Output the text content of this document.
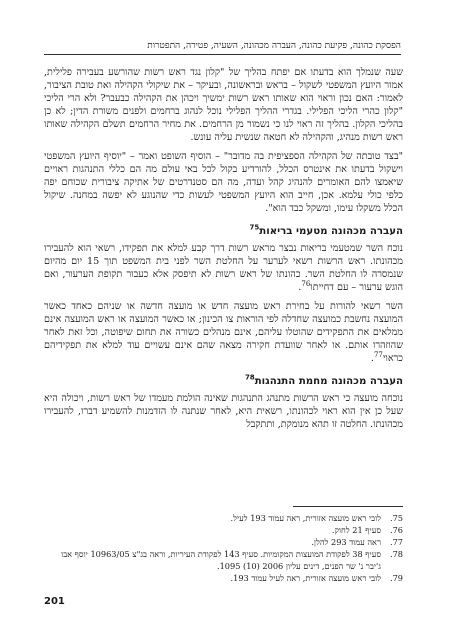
הפסקת כהונה, פקיעת כהונה, העברה מכהונה, השעיה, פטירה, התפטרות

שעה שנמלך הוא בדעתו אם יפתח בהליך של "קלון נגד ראש רשות שהורשע בעבירה פלילית, אמור היועץ המשפטי לשקול – בראש ובראשונה, ובעיקר – את שיקולי הקהילה ואת טובת הציבור, לאמור: האם נכון וראוי הוא שאותו ראש רשות ימשיך ויכהן את הקהילה כבעבר? ולא הרי הליכי "קלון כהרי הליכי הפלילי. בגדרי ההליך הפלילי נוכל לנהוג ברחמים ולפנים משורת הדין; לא כן בהליכי הקלון. בהליך זה ראוי לנו כי נשמור מן הרחמים. את מחיר הרחמים תשלם הקהילה שאותו ראש רשות מנהיג, והקהילה לא חטאה שנשית עליה עונש.

"בצד טובתה של הקהילה הספציפית בה מדובר" – הוסיף השופט ואמר – "יוסיף היועץ המשפטי וישקול בדעתו את אינטרס הכלל, להורדיע בקול לכל באי עולם מה הם כללי התנהגות ראויים שיאמצו להם האומרים להנהיג קהל ועדה, מה הם סטנדרטים של אתיקה ציבורית שכוחם יפה כלפי כולי עלמא. אכן, חייב הוא היועץ המשפטי לעשות כדי שהנוגע לא יפשה במחנה. שיקול הכלל משקלו עימו, ומשקל כבד הוא".

העברה מכהונה מטעמי בריאות$^{75}$

נוכח השר שמטעמי בריאות נבצר מראש רשות דרך קבע למלא את תפקידו, רשאי הוא להעבירו מכהונתו. ראש הרשות רשאי לערער על החלטת השר לפני בית המשפט תוך 15 יום מהיום שנמסרה לו החלטת השר. כהונתו של ראש רשות לא תיפסק אלא כעבור תקופת הערעור, ואם הוגש ערעור – עם דחייתו$^{76}$.

השר רשאי להורות על בחירת ראש מועצה חדש או מועצה חדשה או שניהם כאחד כאשר המועצה נחשבת כמועצה שחדלה לפי הוראות צו הכינון; או כאשר המועצה או ראש המועצה אינם ממלאים את התפקידים שהוטלו עליהם, אינם מנהלים כשורה את תחום שיפוטה, וכל זאת לאחר שהוזהרו אותם. או לאחר שוועדת חקירה מצאה שהם אינם עשויים עוד למלא את תפקידיהם כראוי$^{77}$.

העברה מכהונה מחמת התנהגות$^{78}$

נוכחה מועצה כי ראש הרשות מתנהג התנהגות שאינה הולמת מעמדו של ראש רשות, ויכולה היא שעל כן אין הוא ראוי לכהונתו, רשאית היא, לאחר שנתנה לו הזדמנות להשמיע דברו, להעבירו מכהונתו. החלטה זו תהא מנומקת, ותתקבל

75.
לובי ראש מועצה אזורית, ראה עמוד 193 לעיל.
76.
סעיף 21 לחוק.
77.
ראה עמוד 293 להלן.
78.
סעיף 38 לפקודת המועצות המקומיות. סעיף 143 לפקודת העיריות, וראה בג"צ 10963/05 יוסף אבו ג'יבר נ' שר הפנים, דינים עליון 2006 (10) 1095.
79.
לובי ראש מועצה אזורית, ראה לעיל עמוד 193.
201
